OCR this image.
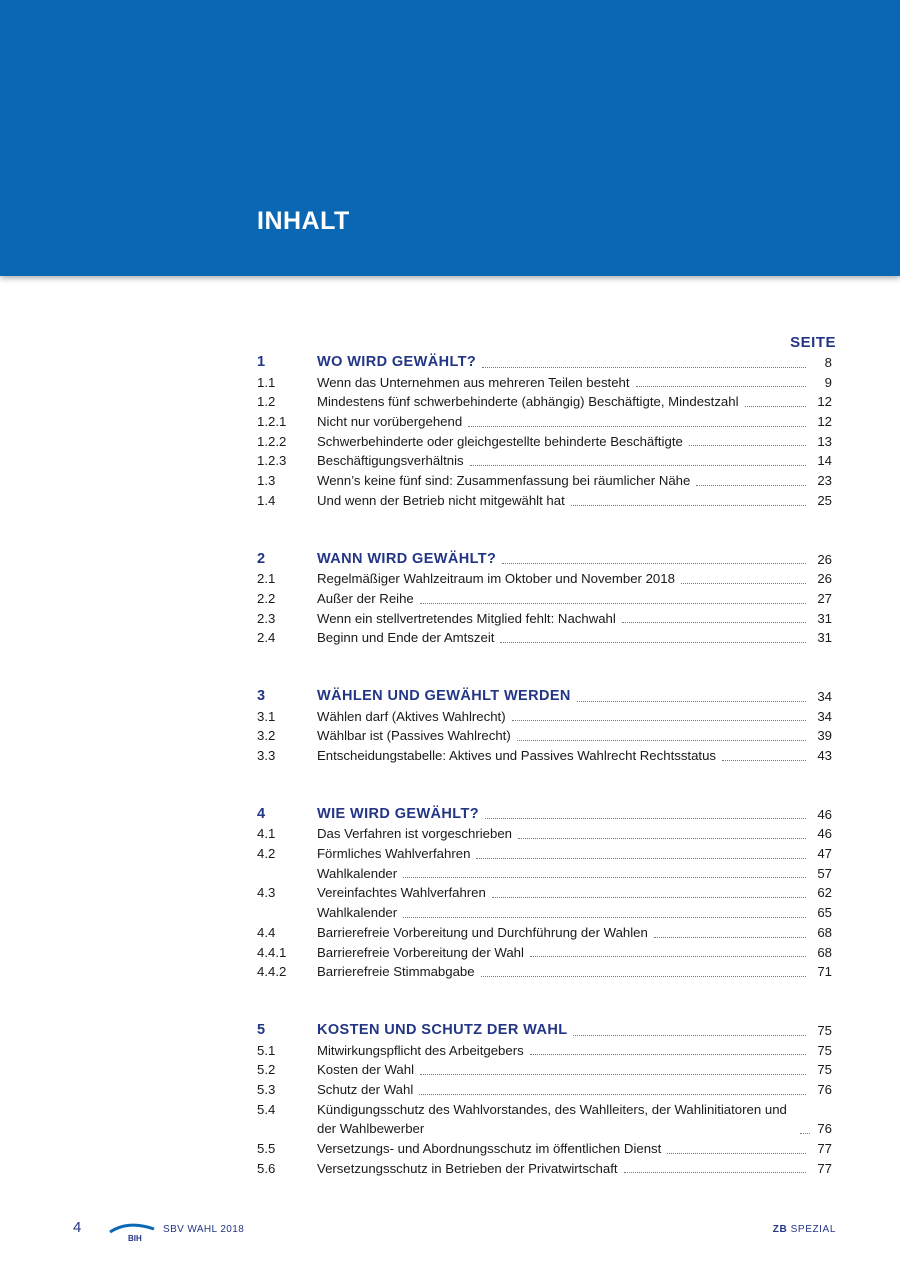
INHALT
SEITE
1	WO WIRD GEWÄHLT?	8
1.1	Wenn das Unternehmen aus mehreren Teilen besteht	9
1.2	Mindestens fünf schwerbehinderte (abhängig) Beschäftigte, Mindestzahl	12
1.2.1 Nicht nur vorübergehend	12
1.2.2 Schwerbehinderte oder gleichgestellte behinderte Beschäftigte	13
1.2.3 Beschäftigungsverhältnis	14
1.3	Wenn’s keine fünf sind: Zusammenfassung bei räumlicher Nähe	23
1.4	Und wenn der Betrieb nicht mitgewählt hat	25
2	WANN WIRD GEWÄHLT?	26
2.1	Regelmäßiger Wahlzeitraum im Oktober und November 2018	26
2.2	Außer der Reihe	27
2.3	Wenn ein stellvertretendes Mitglied fehlt: Nachwahl	31
2.4	Beginn und Ende der Amtszeit	31
3	WÄHLEN UND GEWÄHLT WERDEN	34
3.1	Wählen darf (Aktives Wahlrecht)	34
3.2	Wählbar ist (Passives Wahlrecht)	39
3.3	Entscheidungstabelle: Aktives und Passives Wahlrecht Rechtsstatus	43
4	WIE WIRD GEWÄHLT?	46
4.1	Das Verfahren ist vorgeschrieben	46
4.2	Förmliches Wahlverfahren	47
Wahlkalender	57
4.3	Vereinfachtes Wahlverfahren	62
Wahlkalender	65
4.4	Barrierefreie Vorbereitung und Durchführung der Wahlen	68
4.4.1 Barrierefreie Vorbereitung der Wahl	68
4.4.2 Barrierefreie Stimmabgabe	71
5	KOSTEN UND SCHUTZ DER WAHL	75
5.1	Mitwirkungspflicht des Arbeitgebers	75
5.2	Kosten der Wahl	75
5.3	Schutz der Wahl	76
5.4	Kündigungsschutz des Wahlvorstandes, des Wahlleiters, der Wahlinitiatoren und der Wahlbewerber	76
5.5	Versetzungs- und Abordnungsschutz im öffentlichen Dienst	77
5.6	Versetzungsschutz in Betrieben der Privatwirtschaft	77
4
BIH
SBV WAHL 2018	ZB SPEZIAL
